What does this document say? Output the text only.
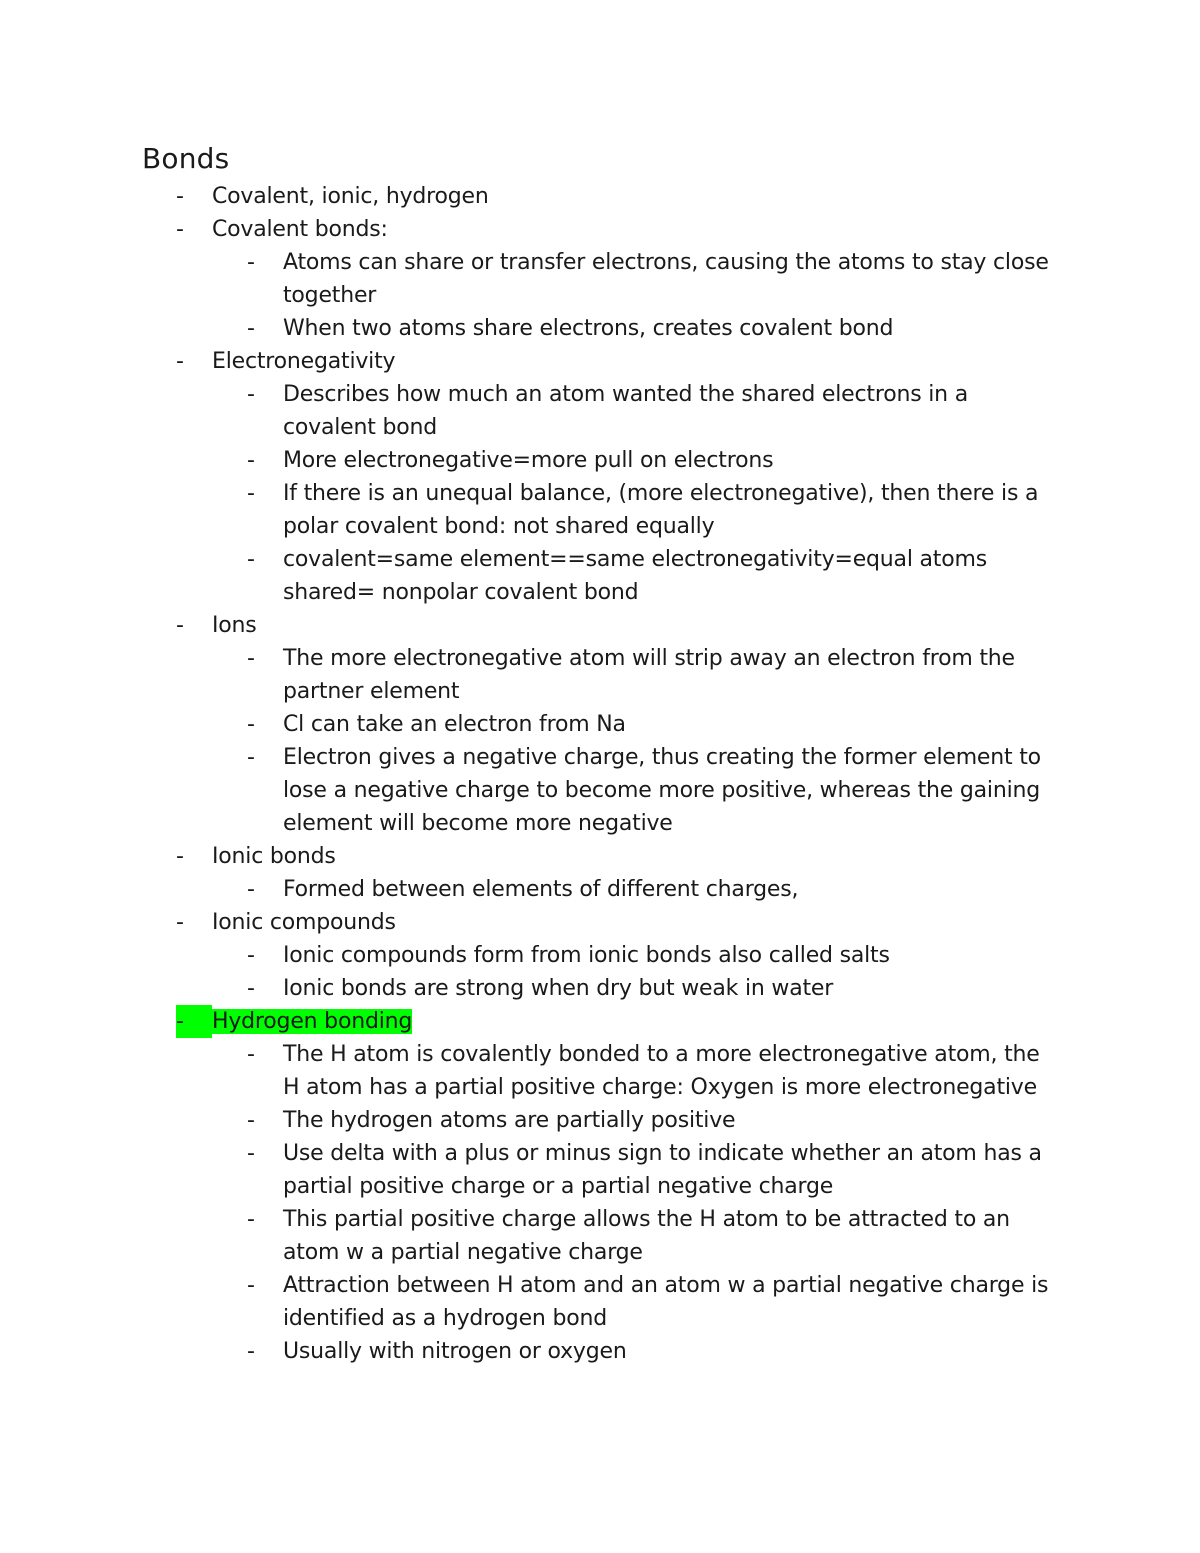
Bonds
- Covalent, ionic, hydrogen
- Covalent bonds:
- Atoms can share or transfer electrons, causing the atoms to stay close together
- When two atoms share electrons, creates covalent bond
- Electronegativity
- Describes how much an atom wanted the shared electrons in a covalent bond
- More electronegative=more pull on electrons
- If there is an unequal balance, (more electronegative), then there is a polar covalent bond: not shared equally
- covalent=same element==same electronegativity=equal atoms shared= nonpolar covalent bond
- Ions
- The more electronegative atom will strip away an electron from the partner element
- Cl can take an electron from Na
- Electron gives a negative charge, thus creating the former element to lose a negative charge to become more positive, whereas the gaining element will become more negative
- Ionic bonds
- Formed between elements of different charges,
- Ionic compounds
- Ionic compounds form from ionic bonds also called salts
- Ionic bonds are strong when dry but weak in water
-	Hydrogen bonding
- The H atom is covalently bonded to a more electronegative atom, the H atom has a partial positive charge: Oxygen is more electronegative
- The hydrogen atoms are partially positive
- Use delta with a plus or minus sign to indicate whether an atom has a partial positive charge or a partial negative charge
- This partial positive charge allows the H atom to be attracted to an atom w a partial negative charge
- Attraction between H atom and an atom w a partial negative charge is identified as a hydrogen bond
- Usually with nitrogen or oxygen
